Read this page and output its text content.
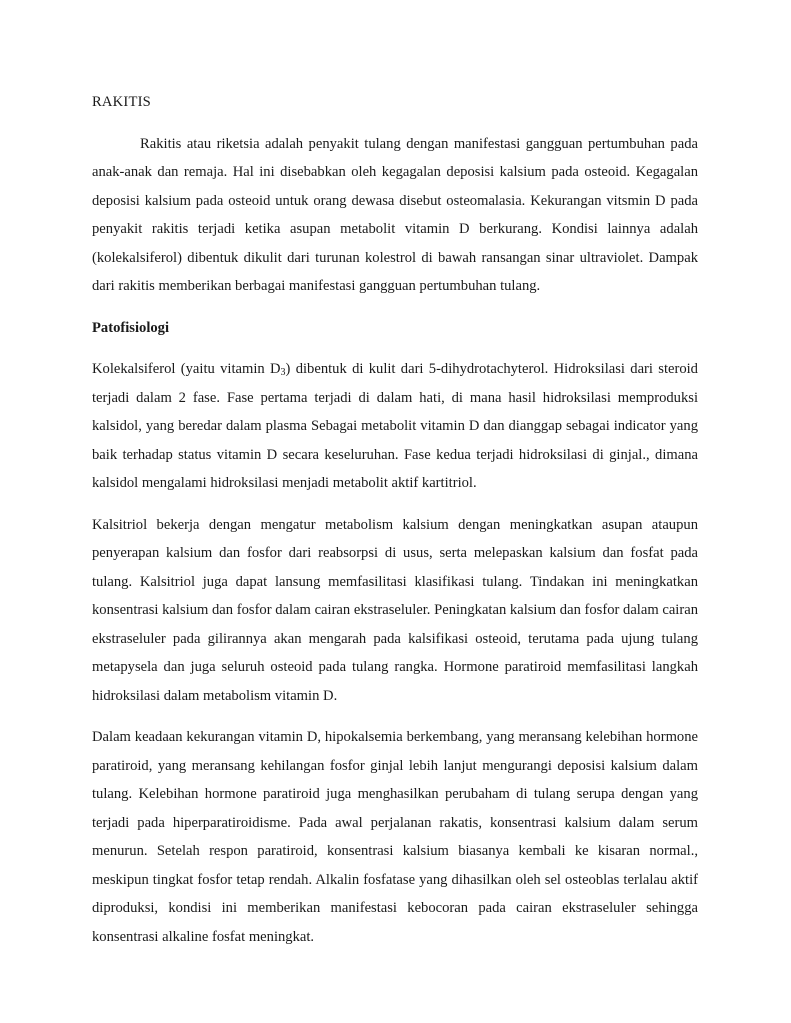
RAKITIS

Rakitis atau riketsia adalah penyakit tulang dengan manifestasi gangguan pertumbuhan pada anak-anak dan remaja. Hal ini disebabkan oleh kegagalan deposisi kalsium pada osteoid. Kegagalan deposisi kalsium pada osteoid untuk orang dewasa disebut osteomalasia. Kekurangan vitsmin D pada penyakit rakitis terjadi ketika asupan metabolit vitamin D berkurang. Kondisi lainnya adalah (kolekalsiferol) dibentuk dikulit dari turunan kolestrol di bawah ransangan sinar ultraviolet. Dampak dari rakitis memberikan berbagai manifestasi gangguan pertumbuhan tulang.

Patofisiologi

Kolekalsiferol (yaitu vitamin $D_3$) dibentuk di kulit dari 5-dihydrotachyterol. Hidroksilasi dari steroid terjadi dalam 2 fase. Fase pertama terjadi di dalam hati, di mana hasil hidroksilasi memproduksi kalsidol, yang beredar dalam plasma Sebagai metabolit vitamin D dan dianggap sebagai indicator yang baik terhadap status vitamin D secara keseluruhan. Fase kedua terjadi hidroksilasi di ginjal., dimana kalsidol mengalami hidroksilasi menjadi metabolit aktif kartitriol.

Kalsitriol bekerja dengan mengatur metabolism kalsium dengan meningkatkan asupan ataupun penyerapan kalsium dan fosfor dari reabsorpsi di usus, serta melepaskan kalsium dan fosfat pada tulang. Kalsitriol juga dapat lansung memfasilitasi klasifikasi tulang. Tindakan ini meningkatkan konsentrasi kalsium dan fosfor dalam cairan ekstraseluler. Peningkatan kalsium dan fosfor dalam cairan ekstraseluler pada gilirannya akan mengarah pada kalsifikasi osteoid, terutama pada ujung tulang metapysela dan juga seluruh osteoid pada tulang rangka. Hormone paratiroid memfasilitasi langkah hidroksilasi dalam metabolism vitamin D.

Dalam keadaan kekurangan vitamin D, hipokalsemia berkembang, yang meransang kelebihan hormone paratiroid, yang meransang kehilangan fosfor ginjal lebih lanjut mengurangi deposisi kalsium dalam tulang. Kelebihan hormone paratiroid juga menghasilkan perubaham di tulang serupa dengan yang terjadi pada hiperparatiroidisme. Pada awal perjalanan rakatis, konsentrasi kalsium dalam serum menurun. Setelah respon paratiroid, konsentrasi kalsium biasanya kembali ke kisaran normal., meskipun tingkat fosfor tetap rendah. Alkalin fosfatase yang dihasilkan oleh sel osteoblas terlalau aktif diproduksi, kondisi ini memberikan manifestasi kebocoran pada cairan ekstraseluler sehingga konsentrasi alkaline fosfat meningkat.
